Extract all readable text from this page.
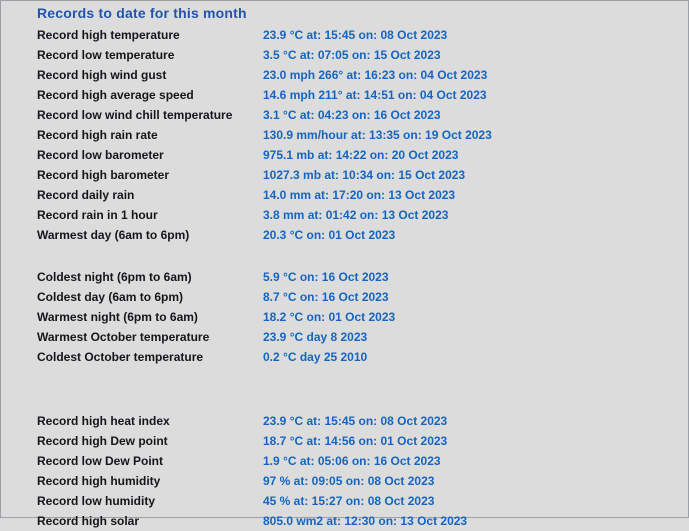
Records to date for this month
Record high temperature	23.9 °C at: 15:45 on: 08 Oct 2023
Record low temperature	3.5 °C at: 07:05 on: 15 Oct 2023
Record high wind gust	23.0 mph 266° at: 16:23 on: 04 Oct 2023
Record high average speed	14.6 mph 211° at: 14:51 on: 04 Oct 2023
Record low wind chill temperature	3.1 °C at: 04:23 on: 16 Oct 2023
Record high rain rate	130.9 mm/hour at: 13:35 on: 19 Oct 2023
Record low barometer	975.1 mb at: 14:22 on: 20 Oct 2023
Record high barometer	1027.3 mb at: 10:34 on: 15 Oct 2023
Record daily rain	14.0 mm at: 17:20 on: 13 Oct 2023
Record rain in 1 hour	3.8 mm at: 01:42 on: 13 Oct 2023
Warmest day (6am to 6pm)	20.3 °C on: 01 Oct 2023
Coldest night (6pm to 6am)	5.9 °C on: 16 Oct 2023
Coldest day (6am to 6pm)	8.7 °C on: 16 Oct 2023
Warmest night (6pm to 6am)	18.2 °C on: 01 Oct 2023
Warmest October temperature	23.9 °C day 8 2023
Coldest October temperature	0.2 °C day 25 2010
Record high heat index	23.9 °C at: 15:45 on: 08 Oct 2023
Record high Dew point	18.7 °C at: 14:56 on: 01 Oct 2023
Record low Dew Point	1.9 °C at: 05:06 on: 16 Oct 2023
Record high humidity	97 % at: 09:05 on: 08 Oct 2023
Record low humidity	45 % at: 15:27 on: 08 Oct 2023
Record high solar	805.0 wm2 at: 12:30 on: 13 Oct 2023
